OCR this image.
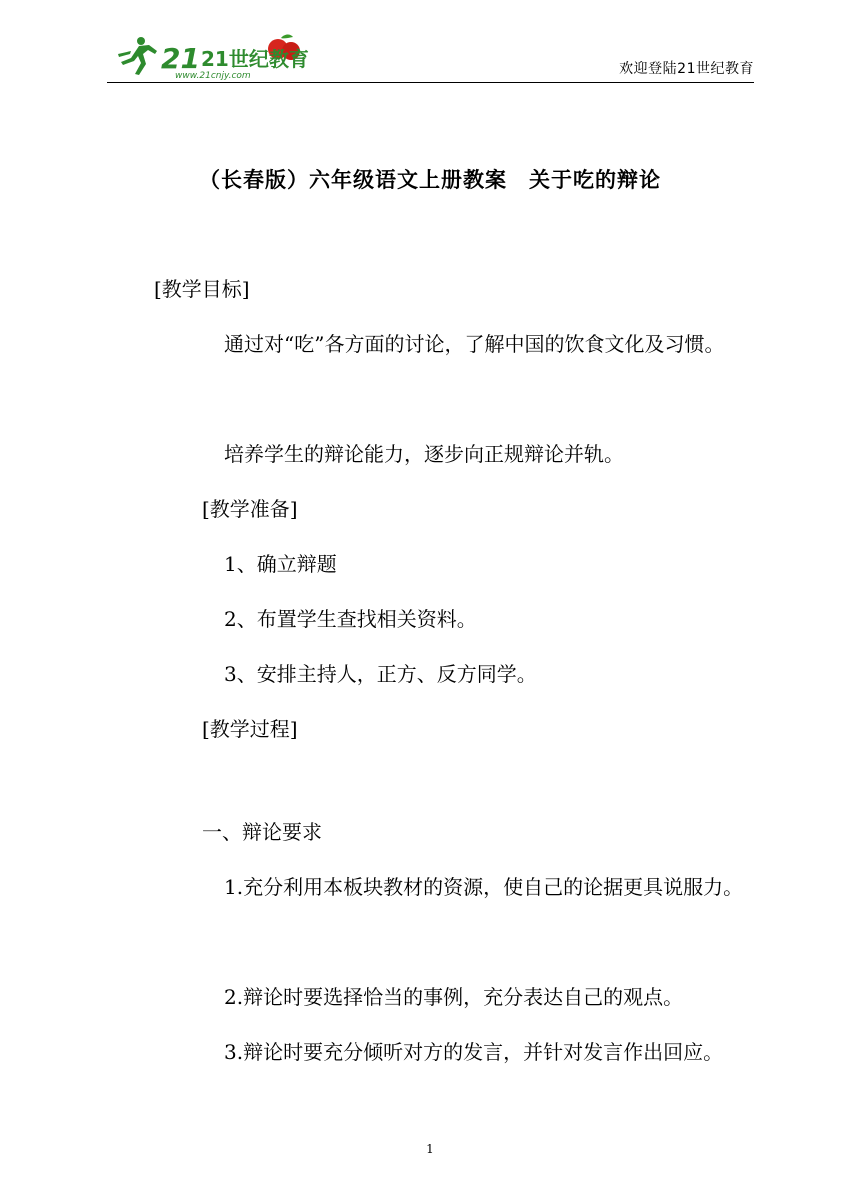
21 21世纪教育
www.21cnjy.com	欢迎登陆21世纪教育
（长春版）六年级语文上册教案　关于吃的辩论

[教学目标]

通过对“吃”各方面的讨论，了解中国的饮食文化及习惯。

培养学生的辩论能力，逐步向正规辩论并轨。

[教学准备]

1、确立辩题

2、布置学生查找相关资料。

3、安排主持人，正方、反方同学。

[教学过程]

一、辩论要求

1.充分利用本板块教材的资源，使自己的论据更具说服力。

2.辩论时要选择恰当的事例，充分表达自己的观点。

3.辩论时要充分倾听对方的发言，并针对发言作出回应。

1
